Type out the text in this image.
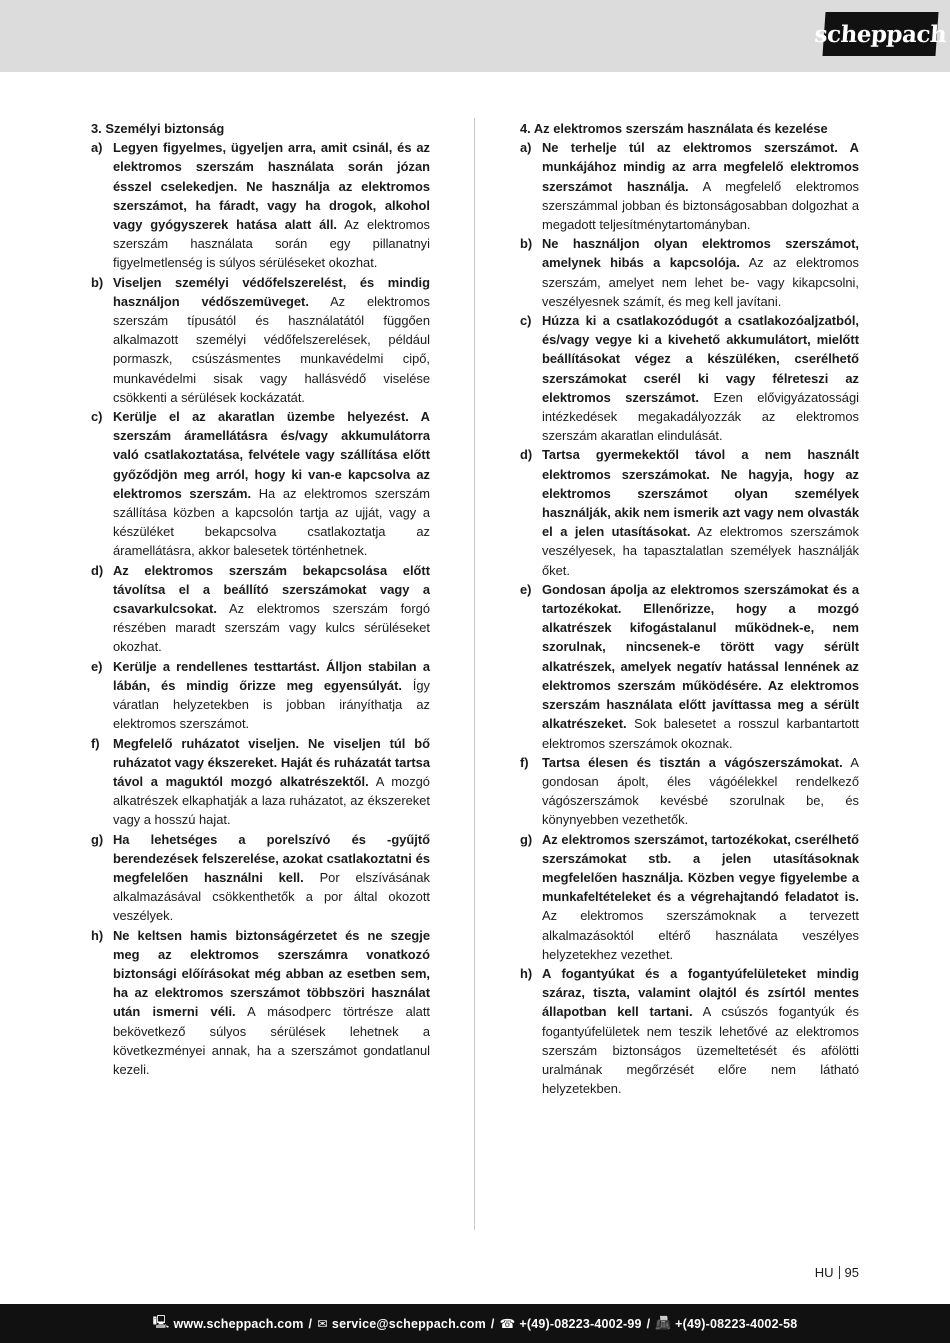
scheppach

3. Személyi biztonság

a) Legyen figyelmes, ügyeljen arra, amit csinál, és az elektromos szerszám használata során józan ésszel cselekedjen. Ne használja az elektromos szerszámot, ha fáradt, vagy ha drogok, alkohol vagy gyógyszerek hatása alatt áll. Az elektromos szerszám használata során egy pillanatnyi figyelmetlenség is súlyos sérüléseket okozhat.
b) Viseljen személyi védőfelszerelést, és mindig használjon védőszemüveget. Az elektromos szerszám típusától és használatától függően alkalmazott személyi védőfelszerelések, például pormaszk, csúszásmentes munkavédelmi cipő, munkavédelmi sisak vagy hallásvédő viselése csökkenti a sérülések kockázatát.
c) Kerülje el az akaratlan üzembe helyezést. A szerszám áramellátásra és/vagy akkumulátorra való csatlakoztatása, felvétele vagy szállítása előtt győződjön meg arról, hogy ki van-e kapcsolva az elektromos szerszám. Ha az elektromos szerszám szállítása közben a kapcsolón tartja az ujját, vagy a készüléket bekapcsolva csatlakoztatja az áramellátásra, akkor balesetek történhetnek.
d) Az elektromos szerszám bekapcsolása előtt távolítsa el a beállító szerszámokat vagy a csavarkulcsokat. Az elektromos szerszám forgó részében maradt szerszám vagy kulcs sérüléseket okozhat.
e) Kerülje a rendellenes testtartást. Álljon stabilan a lábán, és mindig őrizze meg egyensúlyát. Így váratlan helyzetekben is jobban irányíthatja az elektromos szerszámot.
f)	Megfelelő ruházatot viseljen. Ne viseljen túl bő ruházatot vagy ékszereket. Haját és ruházatát tartsa távol a maguktól mozgó alkatrészektől. A mozgó alkatrészek elkaphatják a laza ruházatot, az ékszereket vagy a hosszú hajat.
g) Ha lehetséges a porelszívó és -gyűjtő berendezések felszerelése, azokat csatlakoztatni és megfelelően használni kell. Por elszívásának alkalmazásával csökkenthetők a por által okozott veszélyek.
h) Ne keltsen hamis biztonságérzetet és ne szegje meg az elektromos szerszámra vonatkozó biztonsági előírásokat még abban az esetben sem, ha az elektromos szerszámot többszöri használat után ismerni véli. A másodperc törtrésze alatt bekövetkező súlyos sérülések lehetnek a következményei annak, ha a szerszámot gondatlanul kezeli.

4. Az elektromos szerszám használata és kezelése

a) Ne terhelje túl az elektromos szerszámot. A munkájához mindig az arra megfelelő elektromos szerszámot használja. A megfelelő elektromos szerszámmal jobban és biztonságosabban dolgozhat a megadott teljesítménytartományban.
b) Ne használjon olyan elektromos szerszámot, amelynek hibás a kapcsolója. Az az elektromos szerszám, amelyet nem lehet be- vagy kikapcsolni, veszélyesnek számít, és meg kell javítani.
c) Húzza ki a csatlakozódugót a csatlakozóaljzatból, és/vagy vegye ki a kivehető akkumulátort, mielőtt beállításokat végez a készüléken, cserélhető szerszámokat cserél ki vagy félreteszi az elektromos szerszámot. Ezen elővigyázatossági intézkedések megakadályozzák az elektromos szerszám akaratlan elindulását.
d) Tartsa gyermekektől távol a nem használt elektromos szerszámokat. Ne hagyja, hogy az elektromos szerszámot olyan személyek használják, akik nem ismerik azt vagy nem olvasták el a jelen utasításokat. Az elektromos szerszámok veszélyesek, ha tapasztalatlan személyek használják őket.
e) Gondosan ápolja az elektromos szerszámokat és a tartozékokat. Ellenőrizze, hogy a mozgó alkatrészek kifogástalanul működnek-e, nem szorulnak, nincsenek-e törött vagy sérült alkatrészek, amelyek negatív hatással lennének az elektromos szerszám működésére. Az elektromos szerszám használata előtt javíttassa meg a sérült alkatrészeket. Sok balesetet a rosszul karbantartott elektromos szerszámok okoznak.
f)	Tartsa élesen és tisztán a vágószerszámokat. A gondosan ápolt, éles vágóélekkel rendelkező vágószerszámok kevésbé szorulnak be, és könynyebben vezethetők.
g) Az elektromos szerszámot, tartozékokat, cserélhető szerszámokat stb. a jelen utasításoknak megfelelően használja. Közben vegye figyelembe a munkafeltételeket és a végrehajtandó feladatot is. Az elektromos szerszámoknak a tervezett alkalmazásoktól eltérő használata veszélyes helyzetekhez vezethet.
h) A fogantyúkat és a fogantyúfelületeket mindig száraz, tiszta, valamint olajtól és zsírtól mentes állapotban kell tartani. A csúszós fogantyúk és fogantyúfelületek nem teszik lehetővé az elektromos szerszám biztonságos üzemeltetését és afölötti uralmának megőrzését előre nem látható helyzetekben.
HU 95
🖳 www.scheppach.com / ✉ service@scheppach.com / ☎ +(49)-08223-4002-99 / 📠 +(49)-08223-4002-58
